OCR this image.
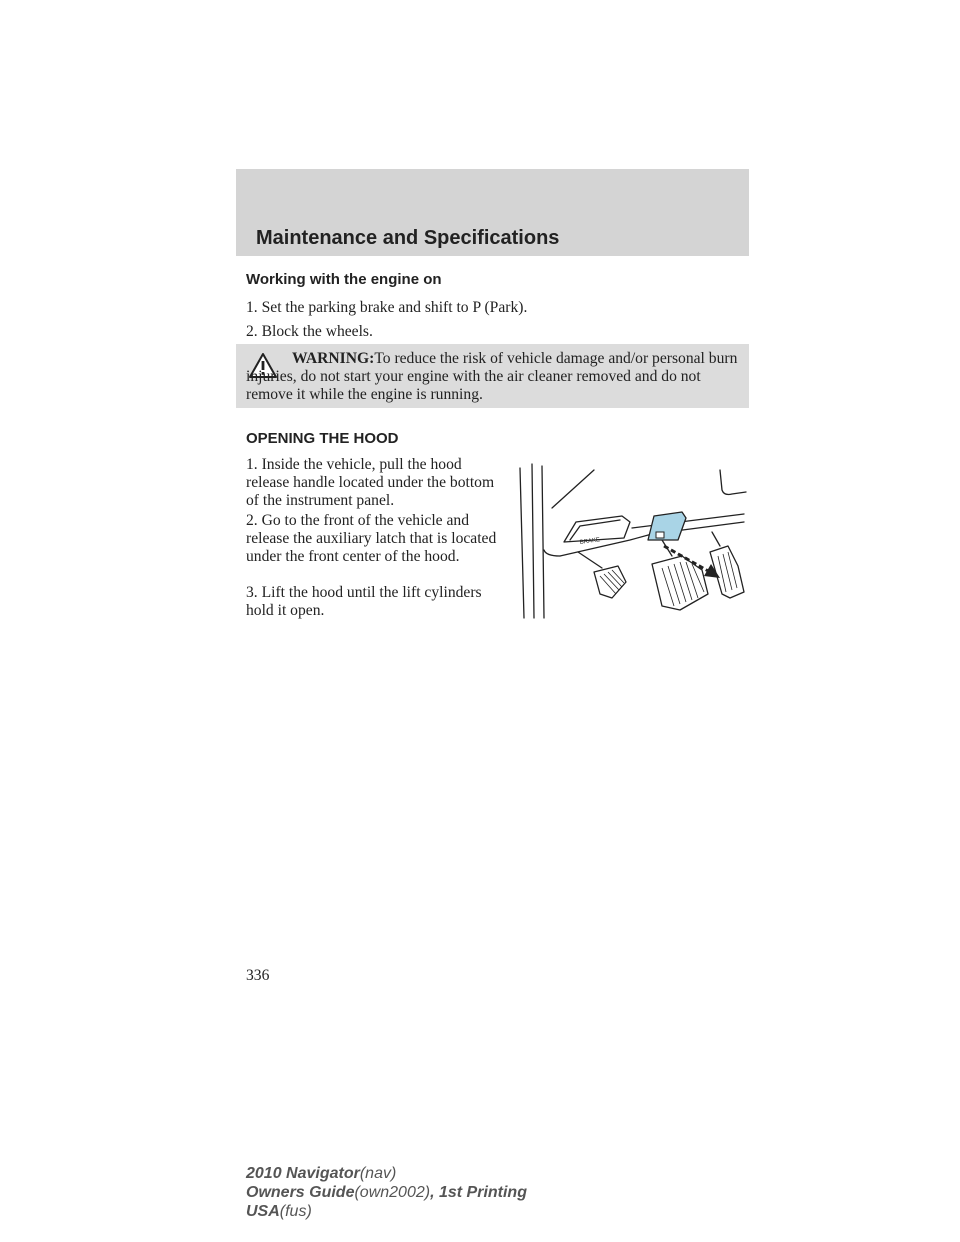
Maintenance and Specifications

Working with the engine on

1. Set the parking brake and shift to P (Park).

2. Block the wheels.

WARNING:To reduce the risk of vehicle damage and/or personal burn injuries, do not start your engine with the air cleaner removed and do not remove it while the engine is running.

OPENING THE HOOD

1. Inside the vehicle, pull the hood release handle located under the bottom of the instrument panel.

2. Go to the front of the vehicle and release the auxiliary latch that is located under the front center of the hood.

3. Lift the hood until the lift cylinders hold it open.

BRAKE

336

2010 Navigator(nav)
Owners Guide(own2002), 1st Printing
USA(fus)
